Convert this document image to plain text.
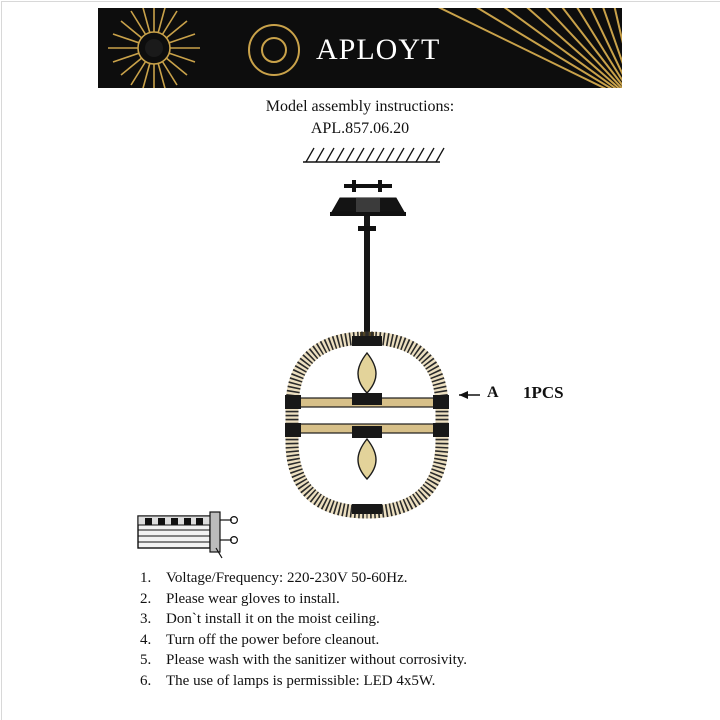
APLOYT
Model assembly instructions:
APL.857.06.20
A 1PCS
1. Voltage/Frequency: 220-230V 50-60Hz.
2. Please wear gloves to install.
3. Don`t install it on the moist ceiling.
4. Turn off the power before cleanout.
5. Please wash with the sanitizer without corrosivity.
6. The use of lamps is permissible: LED 4x5W.
